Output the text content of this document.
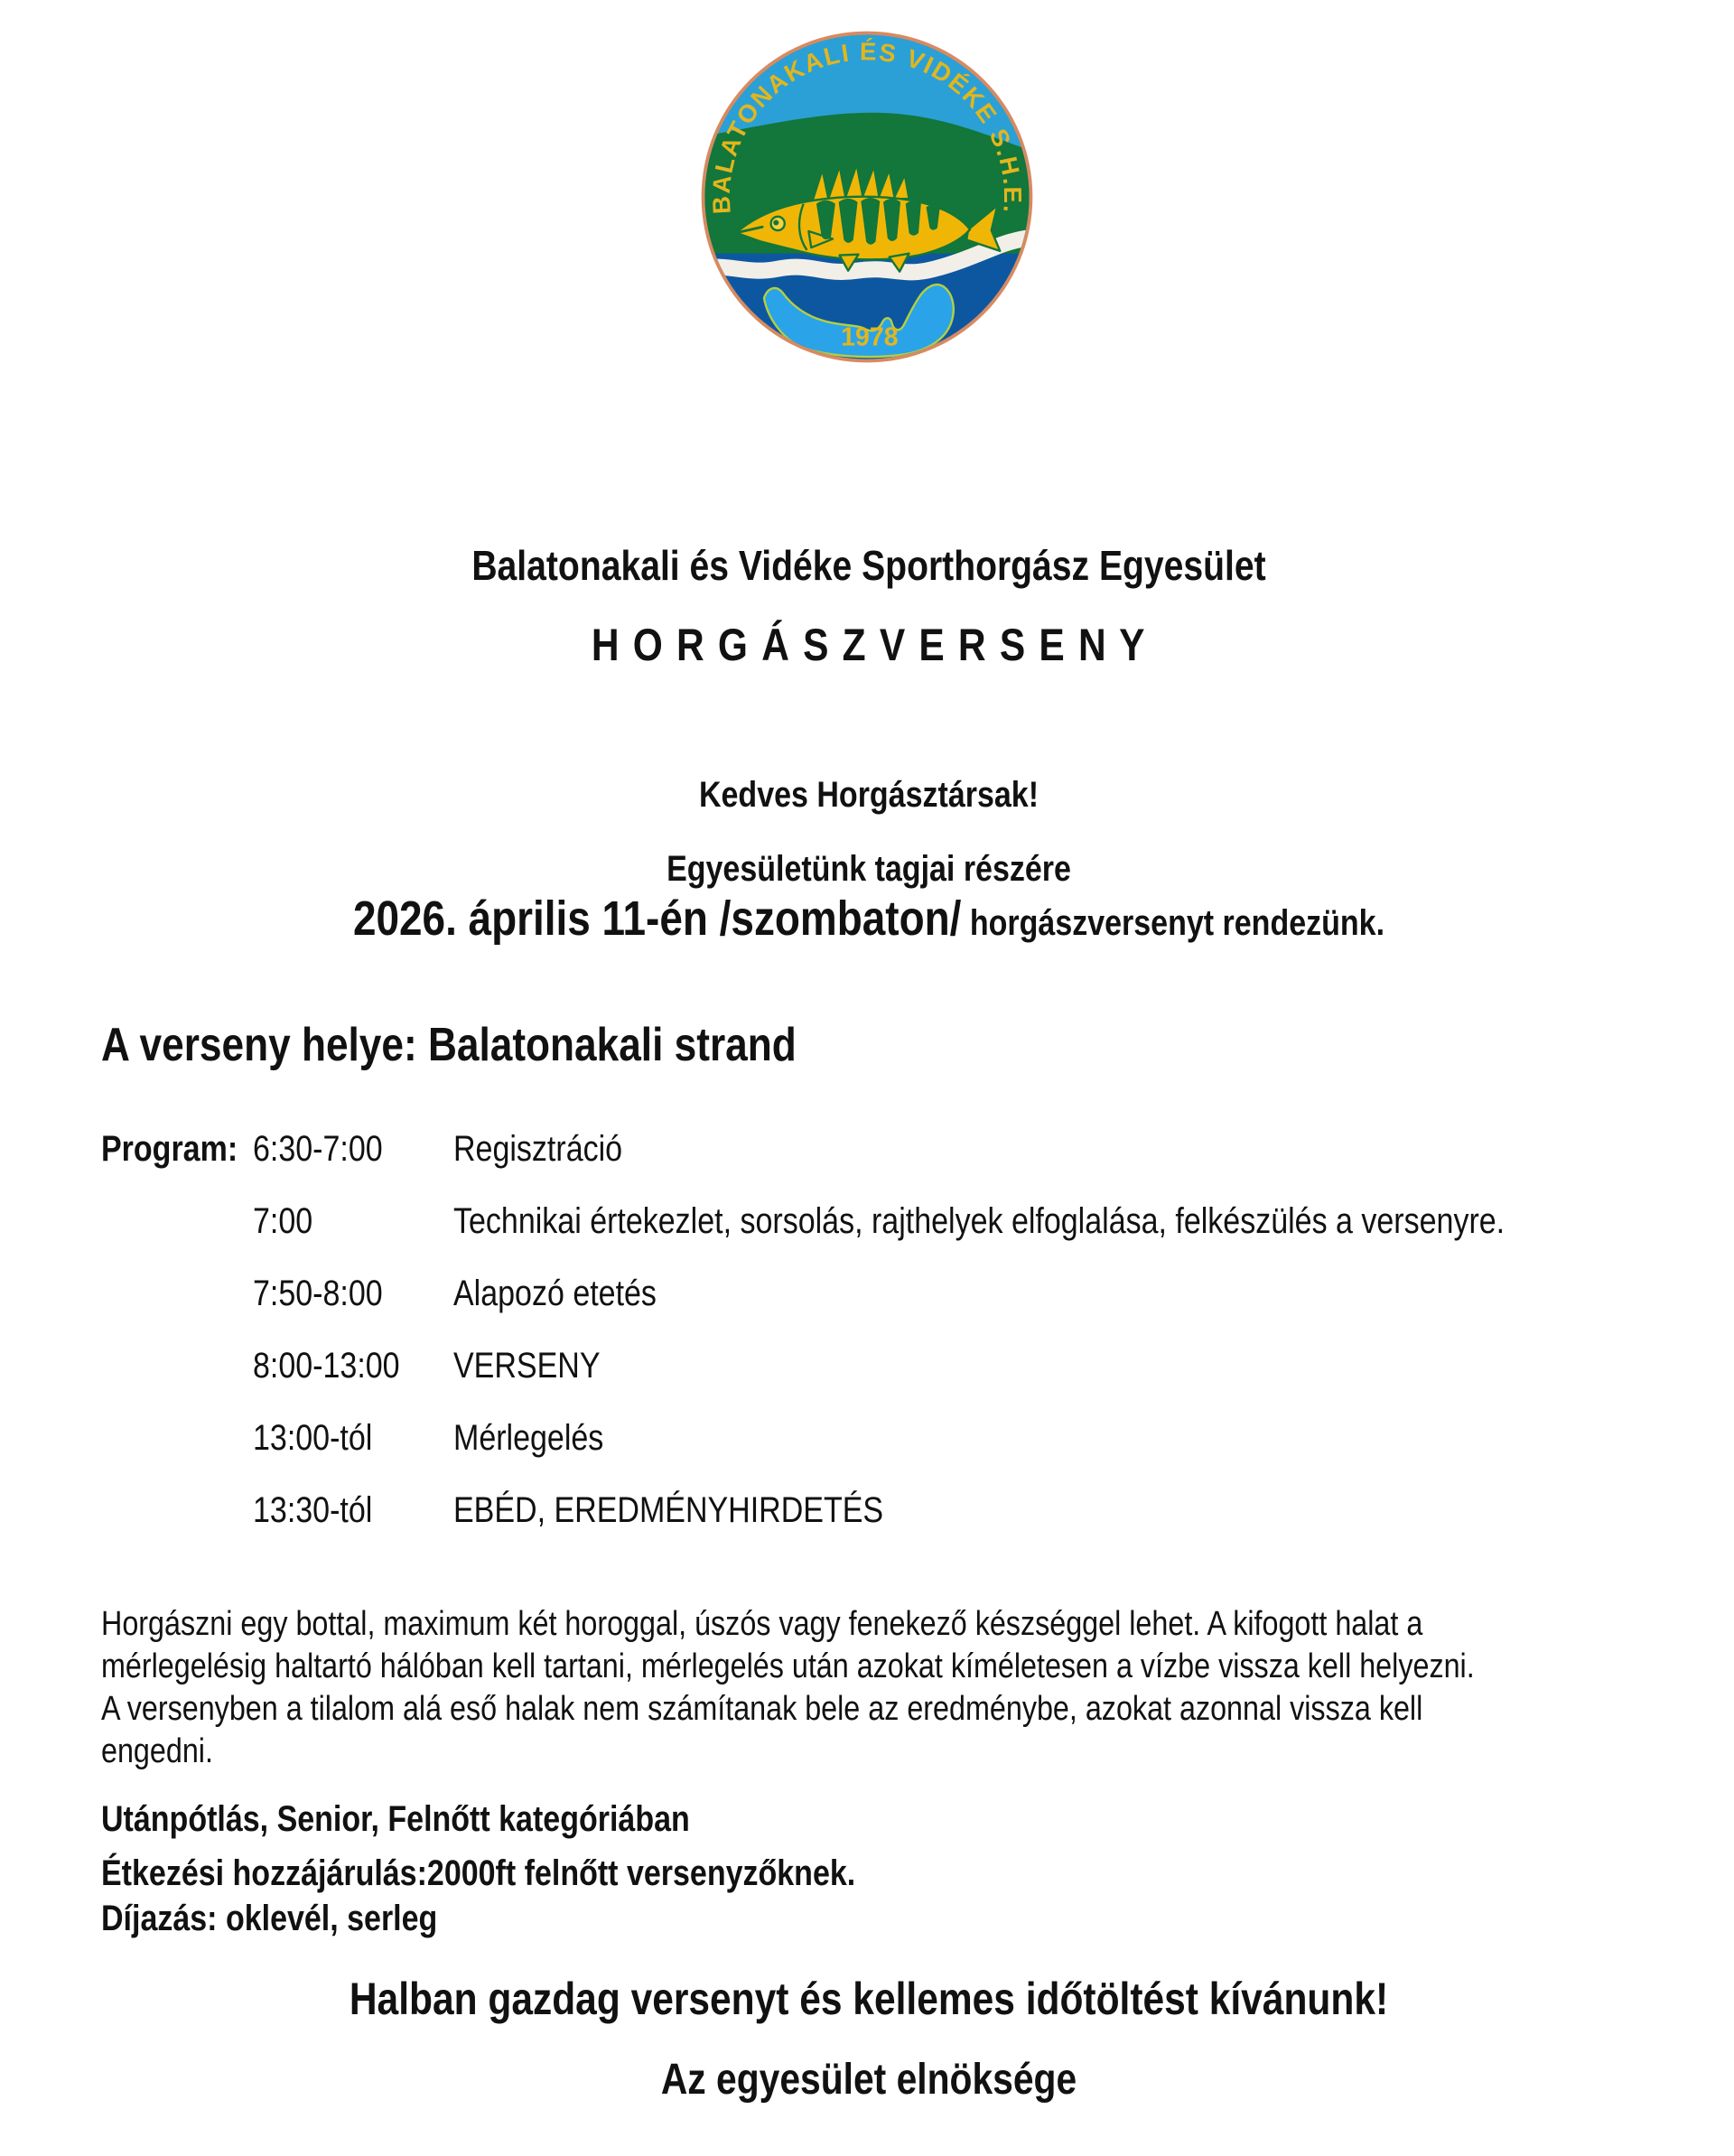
BALATONAKALI ÉS VIDÉKE S.H.E.
1978
Balatonakali és Vidéke Sporthorgász Egyesület
H O R G Á S Z V E R S E N Y
Kedves Horgásztársak!
Egyesületünk tagjai részére
2026. április 11-én /szombaton/ horgászversenyt rendezünk.
A verseny helye: Balatonakali strand
Program: 6:30-7:00	Regisztráció
7:00	Technikai értekezlet, sorsolás, rajthelyek elfoglalása, felkészülés a versenyre.
7:50-8:00	Alapozó etetés
8:00-13:00	VERSENY
13:00-tól	Mérlegelés
13:30-tól	EBÉD, EREDMÉNYHIRDETÉS
Horgászni egy bottal, maximum két horoggal, úszós vagy fenekező készséggel lehet. A kifogott halat a
mérlegelésig haltartó hálóban kell tartani, mérlegelés után azokat kíméletesen a vízbe vissza kell helyezni.
A versenyben a tilalom alá eső halak nem számítanak bele az eredménybe, azokat azonnal vissza kell
engedni.
Utánpótlás, Senior, Felnőtt kategóriában
Étkezési hozzájárulás:2000ft felnőtt versenyzőknek.
Díjazás: oklevél, serleg
Halban gazdag versenyt és kellemes időtöltést kívánunk!
Az egyesület elnöksége
